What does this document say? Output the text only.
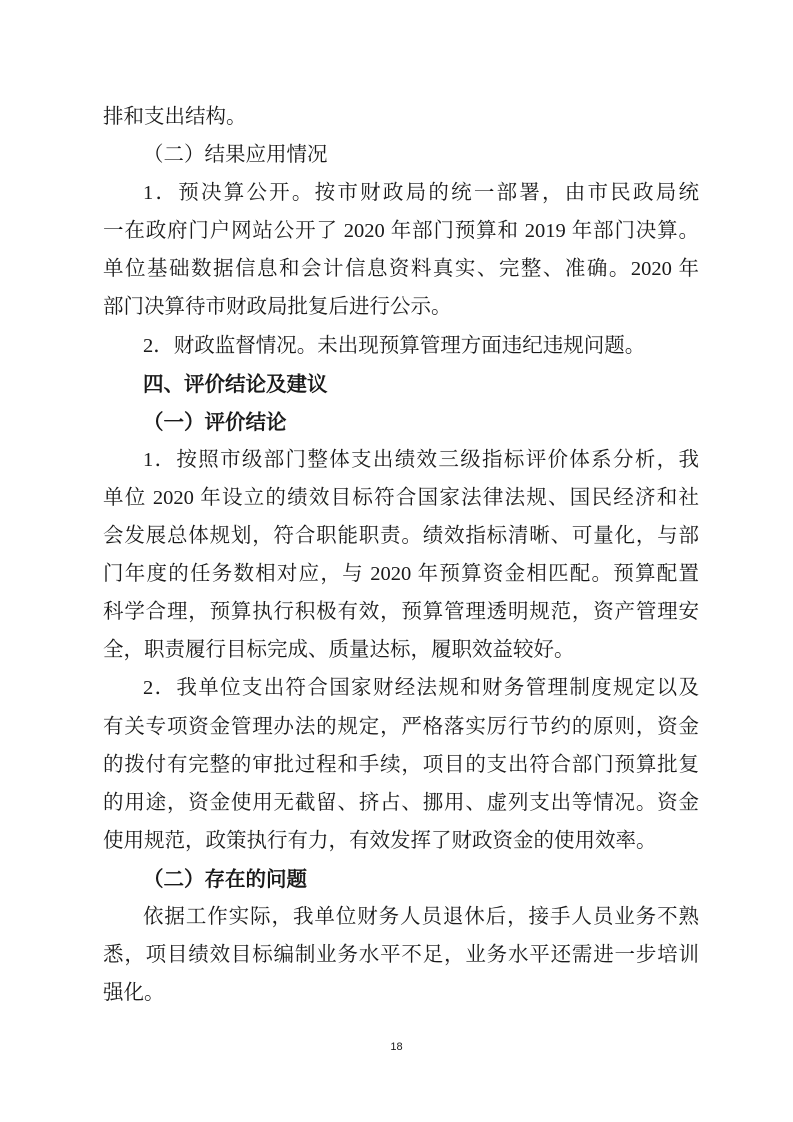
排和支出结构。
（二）结果应用情况
1．预决算公开。按市财政局的统一部署，由市民政局统
一在政府门户网站公开了 2020 年部门预算和 2019 年部门决算。
单位基础数据信息和会计信息资料真实、完整、准确。2020 年
部门决算待市财政局批复后进行公示。
2．财政监督情况。未出现预算管理方面违纪违规问题。
四、评价结论及建议
（一）评价结论
1．按照市级部门整体支出绩效三级指标评价体系分析，我
单位 2020 年设立的绩效目标符合国家法律法规、国民经济和社
会发展总体规划，符合职能职责。绩效指标清晰、可量化，与部
门年度的任务数相对应，与 2020 年预算资金相匹配。预算配置
科学合理，预算执行积极有效，预算管理透明规范，资产管理安
全，职责履行目标完成、质量达标，履职效益较好。
2．我单位支出符合国家财经法规和财务管理制度规定以及
有关专项资金管理办法的规定，严格落实厉行节约的原则，资金
的拨付有完整的审批过程和手续，项目的支出符合部门预算批复
的用途，资金使用无截留、挤占、挪用、虚列支出等情况。资金
使用规范，政策执行有力，有效发挥了财政资金的使用效率。
（二）存在的问题
依据工作实际，我单位财务人员退休后，接手人员业务不熟
悉，项目绩效目标编制业务水平不足，业务水平还需进一步培训
强化。
18
